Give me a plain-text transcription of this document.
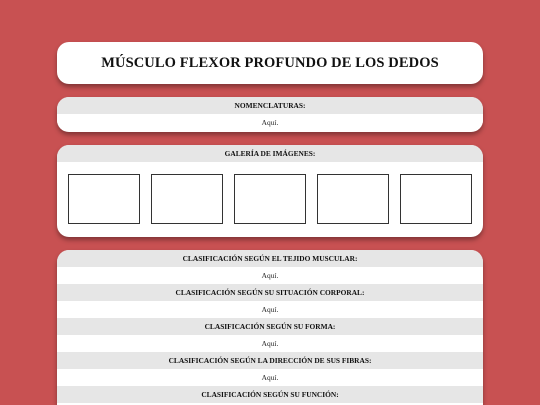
MÚSCULO FLEXOR PROFUNDO DE LOS DEDOS
NOMENCLATURAS:
Aquí.
GALERÍA DE IMÁGENES:
CLASIFICACIÓN SEGÚN EL TEJIDO MUSCULAR:
Aquí.
CLASIFICACIÓN SEGÚN SU SITUACIÓN CORPORAL:
Aquí.
CLASIFICACIÓN SEGÚN SU FORMA:
Aquí.
CLASIFICACIÓN SEGÚN LA DIRECCIÓN DE SUS FIBRAS:
Aquí.
CLASIFICACIÓN SEGÚN SU FUNCIÓN:
